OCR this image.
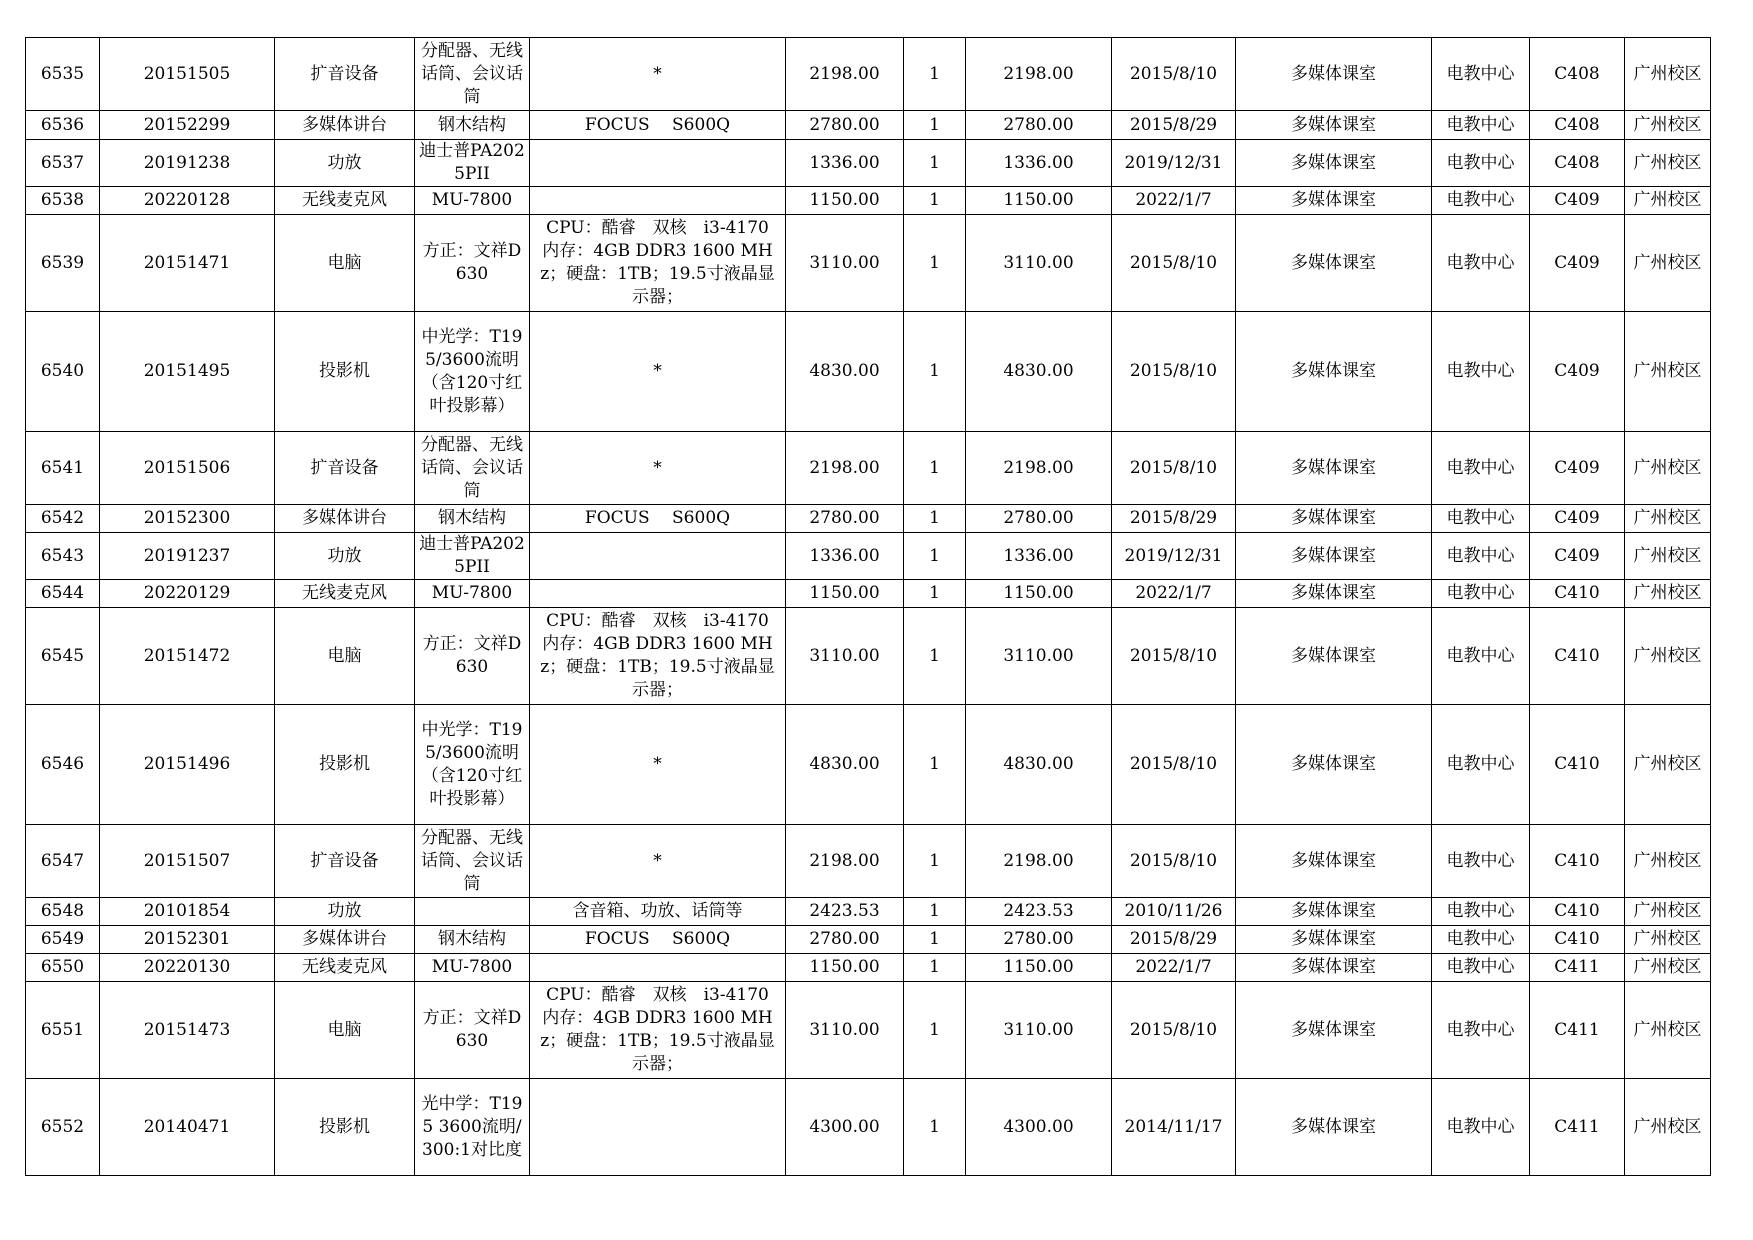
6535	20151505	扩音设备	分配器、无线话筒、会议话筒	*	2198.00	1	2198.00	2015/8/10	多媒体课室	电教中心	C408	广州校区
6536	20152299	多媒体讲台	钢木结构	FOCUS　 S600Q	2780.00	1	2780.00	2015/8/29	多媒体课室	电教中心	C408	广州校区
6537	20191238	功放	迪士普PA2025PII		1336.00	1	1336.00	2019/12/31	多媒体课室	电教中心	C408	广州校区
6538	20220128	无线麦克风	MU-7800		1150.00	1	1150.00	2022/1/7	多媒体课室	电教中心	C409	广州校区
6539	20151471	电脑	方正：文祥D630	CPU：酷睿　双核　i3-4170 内存：4GB DDR3 1600 MHz；硬盘：1TB；19.5寸液晶显示器；	3110.00	1	3110.00	2015/8/10	多媒体课室	电教中心	C409	广州校区
6540	20151495	投影机	中光学：T195/3600流明（含120寸红叶投影幕）	*	4830.00	1	4830.00	2015/8/10	多媒体课室	电教中心	C409	广州校区
6541	20151506	扩音设备	分配器、无线话筒、会议话筒	*	2198.00	1	2198.00	2015/8/10	多媒体课室	电教中心	C409	广州校区
6542	20152300	多媒体讲台	钢木结构	FOCUS　 S600Q	2780.00	1	2780.00	2015/8/29	多媒体课室	电教中心	C409	广州校区
6543	20191237	功放	迪士普PA2025PII		1336.00	1	1336.00	2019/12/31	多媒体课室	电教中心	C409	广州校区
6544	20220129	无线麦克风	MU-7800		1150.00	1	1150.00	2022/1/7	多媒体课室	电教中心	C410	广州校区
6545	20151472	电脑	方正：文祥D630	CPU：酷睿　双核　i3-4170 内存：4GB DDR3 1600 MHz；硬盘：1TB；19.5寸液晶显示器；	3110.00	1	3110.00	2015/8/10	多媒体课室	电教中心	C410	广州校区
6546	20151496	投影机	中光学：T195/3600流明（含120寸红叶投影幕）	*	4830.00	1	4830.00	2015/8/10	多媒体课室	电教中心	C410	广州校区
6547	20151507	扩音设备	分配器、无线话筒、会议话筒	*	2198.00	1	2198.00	2015/8/10	多媒体课室	电教中心	C410	广州校区
6548	20101854	功放		含音箱、功放、话筒等	2423.53	1	2423.53	2010/11/26	多媒体课室	电教中心	C410	广州校区
6549	20152301	多媒体讲台	钢木结构	FOCUS　 S600Q	2780.00	1	2780.00	2015/8/29	多媒体课室	电教中心	C410	广州校区
6550	20220130	无线麦克风	MU-7800		1150.00	1	1150.00	2022/1/7	多媒体课室	电教中心	C411	广州校区
6551	20151473	电脑	方正：文祥D630	CPU：酷睿　双核　i3-4170 内存：4GB DDR3 1600 MHz；硬盘：1TB；19.5寸液晶显示器；	3110.00	1	3110.00	2015/8/10	多媒体课室	电教中心	C411	广州校区
6552	20140471	投影机	光中学：T195 3600流明/300:1对比度		4300.00	1	4300.00	2014/11/17	多媒体课室	电教中心	C411	广州校区
